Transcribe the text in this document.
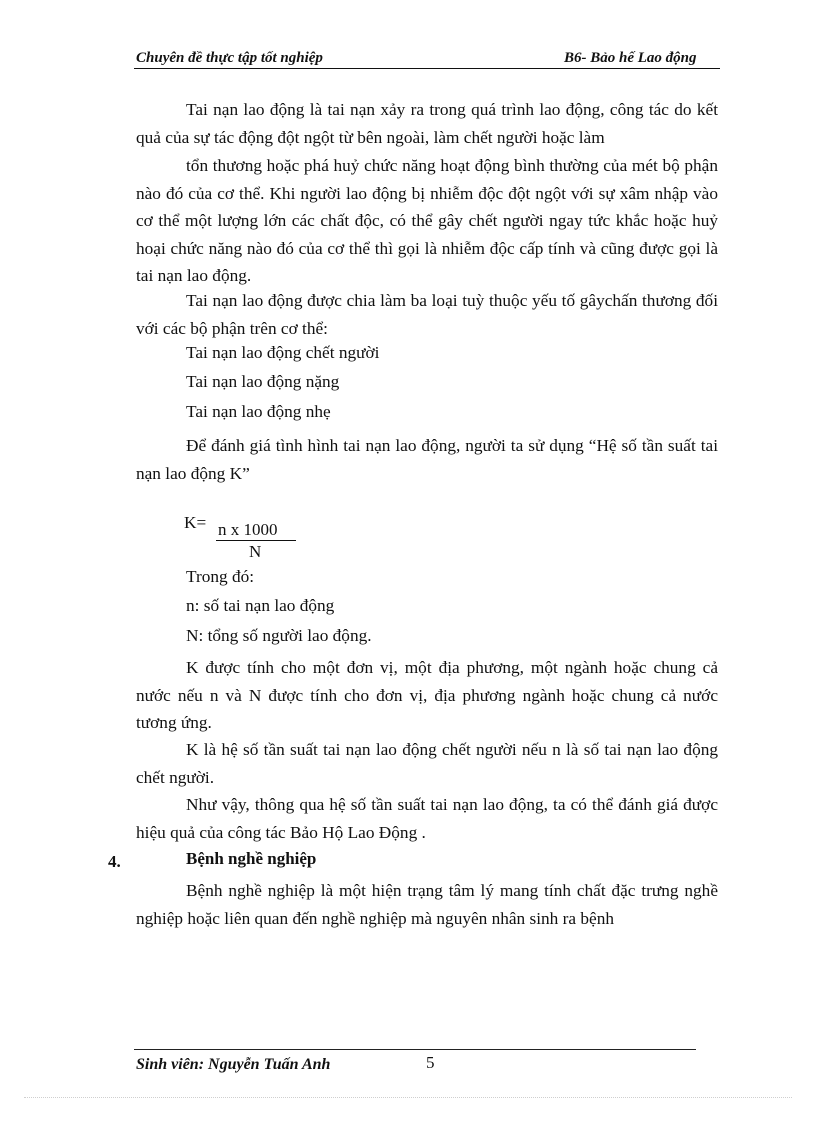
Chuyên đề thực tập tốt nghiệp	B6- Bảo hế Lao động
Tai nạn lao động là tai nạn xảy ra trong quá trình lao động, công tác do kết quả của sự tác động đột ngột từ bên ngoài, làm chết người hoặc làm
tổn thương hoặc phá huỷ chức năng hoạt động bình thường của mét bộ phận nào đó của cơ thể. Khi người lao động bị nhiễm độc đột ngột với sự xâm nhập vào cơ thể một lượng lớn các chất độc, có thể gây chết người ngay tức khắc hoặc huỷ hoại chức năng nào đó của cơ thể thì gọi là nhiễm độc cấp tính và cũng được gọi là tai nạn lao động.
Tai nạn lao động được chia làm ba loại tuỳ thuộc yếu tố gâychấn thương đối với các bộ phận trên cơ thể:
Tai nạn lao động chết người
Tai nạn lao động nặng
Tai nạn lao động nhẹ
Để đánh giá tình hình tai nạn lao động, người ta sử dụng “Hệ số tần suất tai nạn lao động K”
K= n x 1000
N
Trong đó:
n: số tai nạn lao động
N: tổng số người lao động.
K được tính cho một đơn vị, một địa phương, một ngành hoặc chung cả nước nếu n và N được tính cho đơn vị, địa phương ngành hoặc chung cả nước tương ứng.
K là hệ số tần suất tai nạn lao động chết người nếu n là số tai nạn lao động chết người.
Như vậy, thông qua hệ số tần suất tai nạn lao động, ta có thể đánh giá được hiệu quả của công tác Bảo Hộ Lao Động .
4.	Bệnh nghề nghiệp
Bệnh nghề nghiệp là một hiện trạng tâm lý mang tính chất đặc trưng nghề nghiệp hoặc liên quan đến nghề nghiệp mà nguyên nhân sinh ra bệnh
Sinh viên: Nguyễn Tuấn Anh	5
